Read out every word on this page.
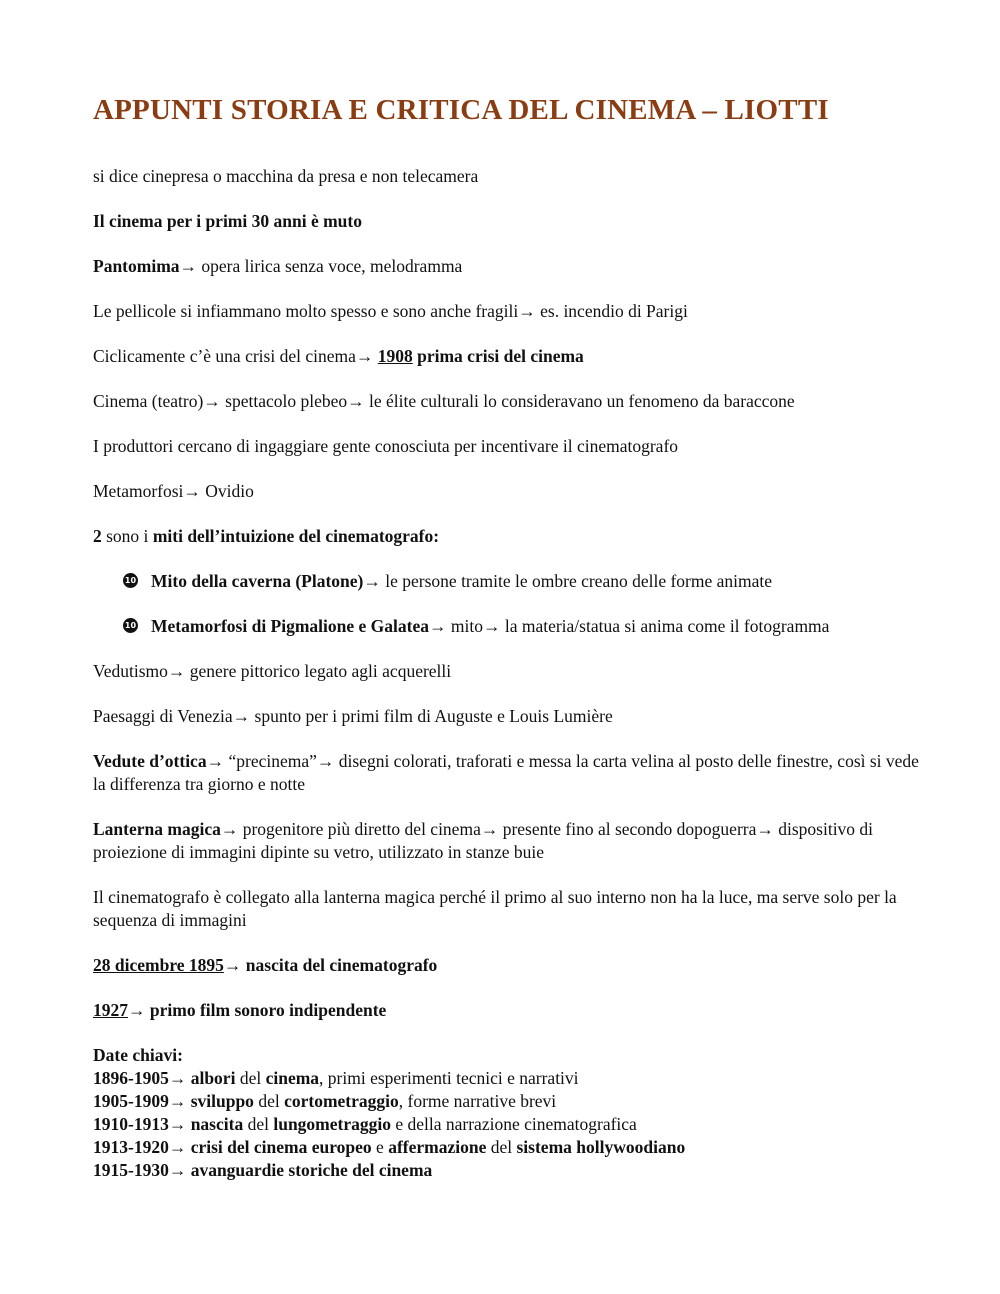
APPUNTI STORIA E CRITICA DEL CINEMA – LIOTTI
si dice cinepresa o macchina da presa e non telecamera
Il cinema per i primi 30 anni è muto
Pantomima→ opera lirica senza voce, melodramma
Le pellicole si infiammano molto spesso e sono anche fragili→ es. incendio di Parigi
Ciclicamente c’è una crisi del cinema→ 1908 prima crisi del cinema
Cinema (teatro)→ spettacolo plebeo→ le élite culturali lo consideravano un fenomeno da baraccone
I produttori cercano di ingaggiare gente conosciuta per incentivare il cinematografo
Metamorfosi→ Ovidio
2 sono i miti dell’intuizione del cinematografo:
10 Mito della caverna (Platone)→ le persone tramite le ombre creano delle forme animate
10 Metamorfosi di Pigmalione e Galatea→ mito→ la materia/statua si anima come il fotogramma
Vedutismo→ genere pittorico legato agli acquerelli
Paesaggi di Venezia→ spunto per i primi film di Auguste e Louis Lumière
Vedute d’ottica→ “precinema”→ disegni colorati, traforati e messa la carta velina al posto delle finestre, così si vede la differenza tra giorno e notte
Lanterna magica→ progenitore più diretto del cinema→ presente fino al secondo dopoguerra→ dispositivo di proiezione di immagini dipinte su vetro, utilizzato in stanze buie
Il cinematografo è collegato alla lanterna magica perché il primo al suo interno non ha la luce, ma serve solo per la sequenza di immagini
28 dicembre 1895→ nascita del cinematografo
1927→ primo film sonoro indipendente
Date chiavi:
1896-1905→ albori del cinema, primi esperimenti tecnici e narrativi
1905-1909→ sviluppo del cortometraggio, forme narrative brevi
1910-1913→ nascita del lungometraggio e della narrazione cinematografica
1913-1920→ crisi del cinema europeo e affermazione del sistema hollywoodiano
1915-1930→ avanguardie storiche del cinema
